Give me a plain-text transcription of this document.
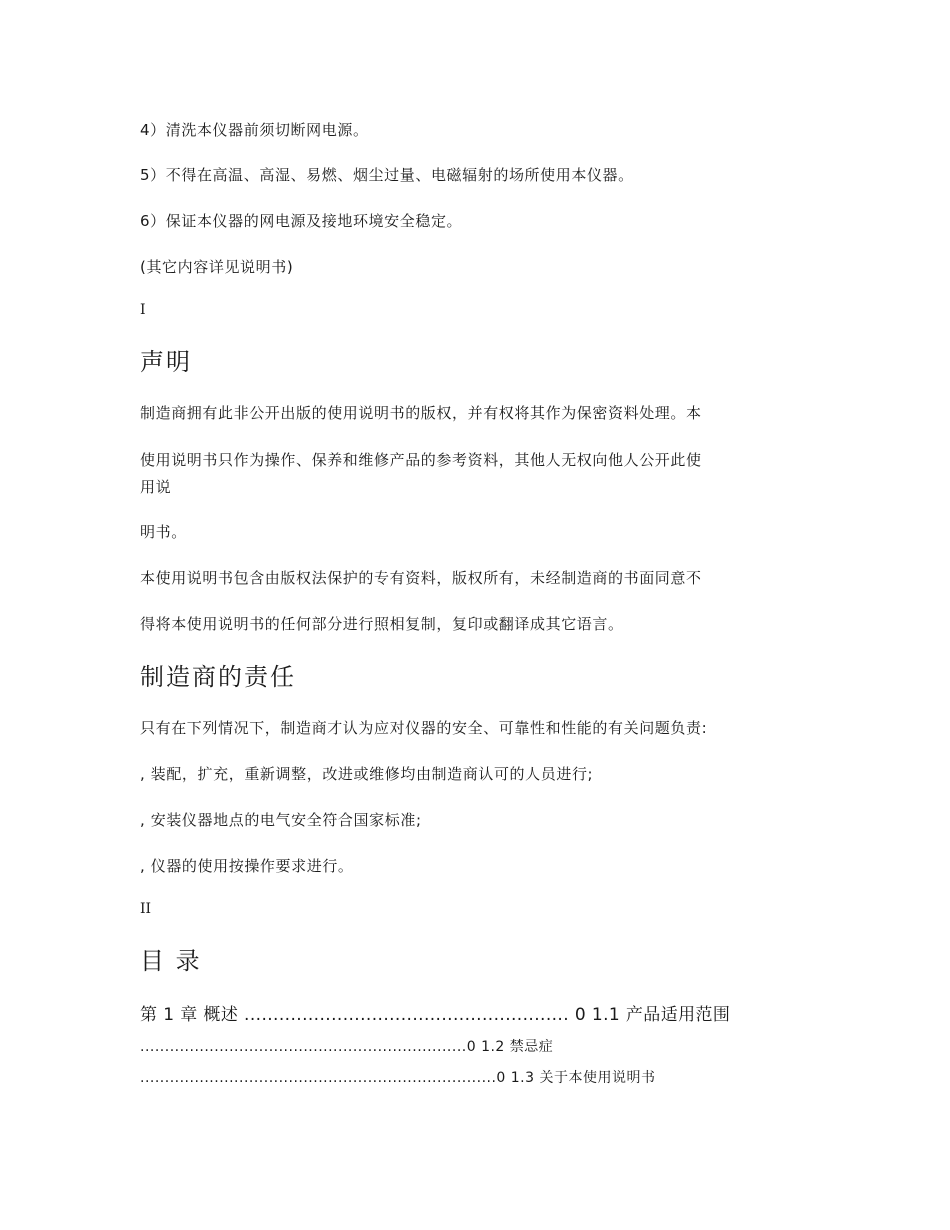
4）清洗本仪器前须切断网电源。
5）不得在高温、高湿、易燃、烟尘过量、电磁辐射的场所使用本仪器。
6）保证本仪器的网电源及接地环境安全稳定。
(其它内容详见说明书)
I
声明
制造商拥有此非公开出版的使用说明书的版权，并有权将其作为保密资料处理。本
使用说明书只作为操作、保养和维修产品的参考资料，其他人无权向他人公开此使
用说
明书。
本使用说明书包含由版权法保护的专有资料，版权所有，未经制造商的书面同意不
得将本使用说明书的任何部分进行照相复制，复印或翻译成其它语言。
制造商的责任
只有在下列情况下，制造商才认为应对仪器的安全、可靠性和性能的有关问题负责:
, 装配，扩充，重新调整，改进或维修均由制造商认可的人员进行;
, 安装仪器地点的电气安全符合国家标准;
, 仪器的使用按操作要求进行。
II
目 录
第 1 章 概述 ........................................................ 0 1.1 产品适用范围
..................................................................0 1.2 禁忌症
........................................................................0 1.3 关于本使用说明书
